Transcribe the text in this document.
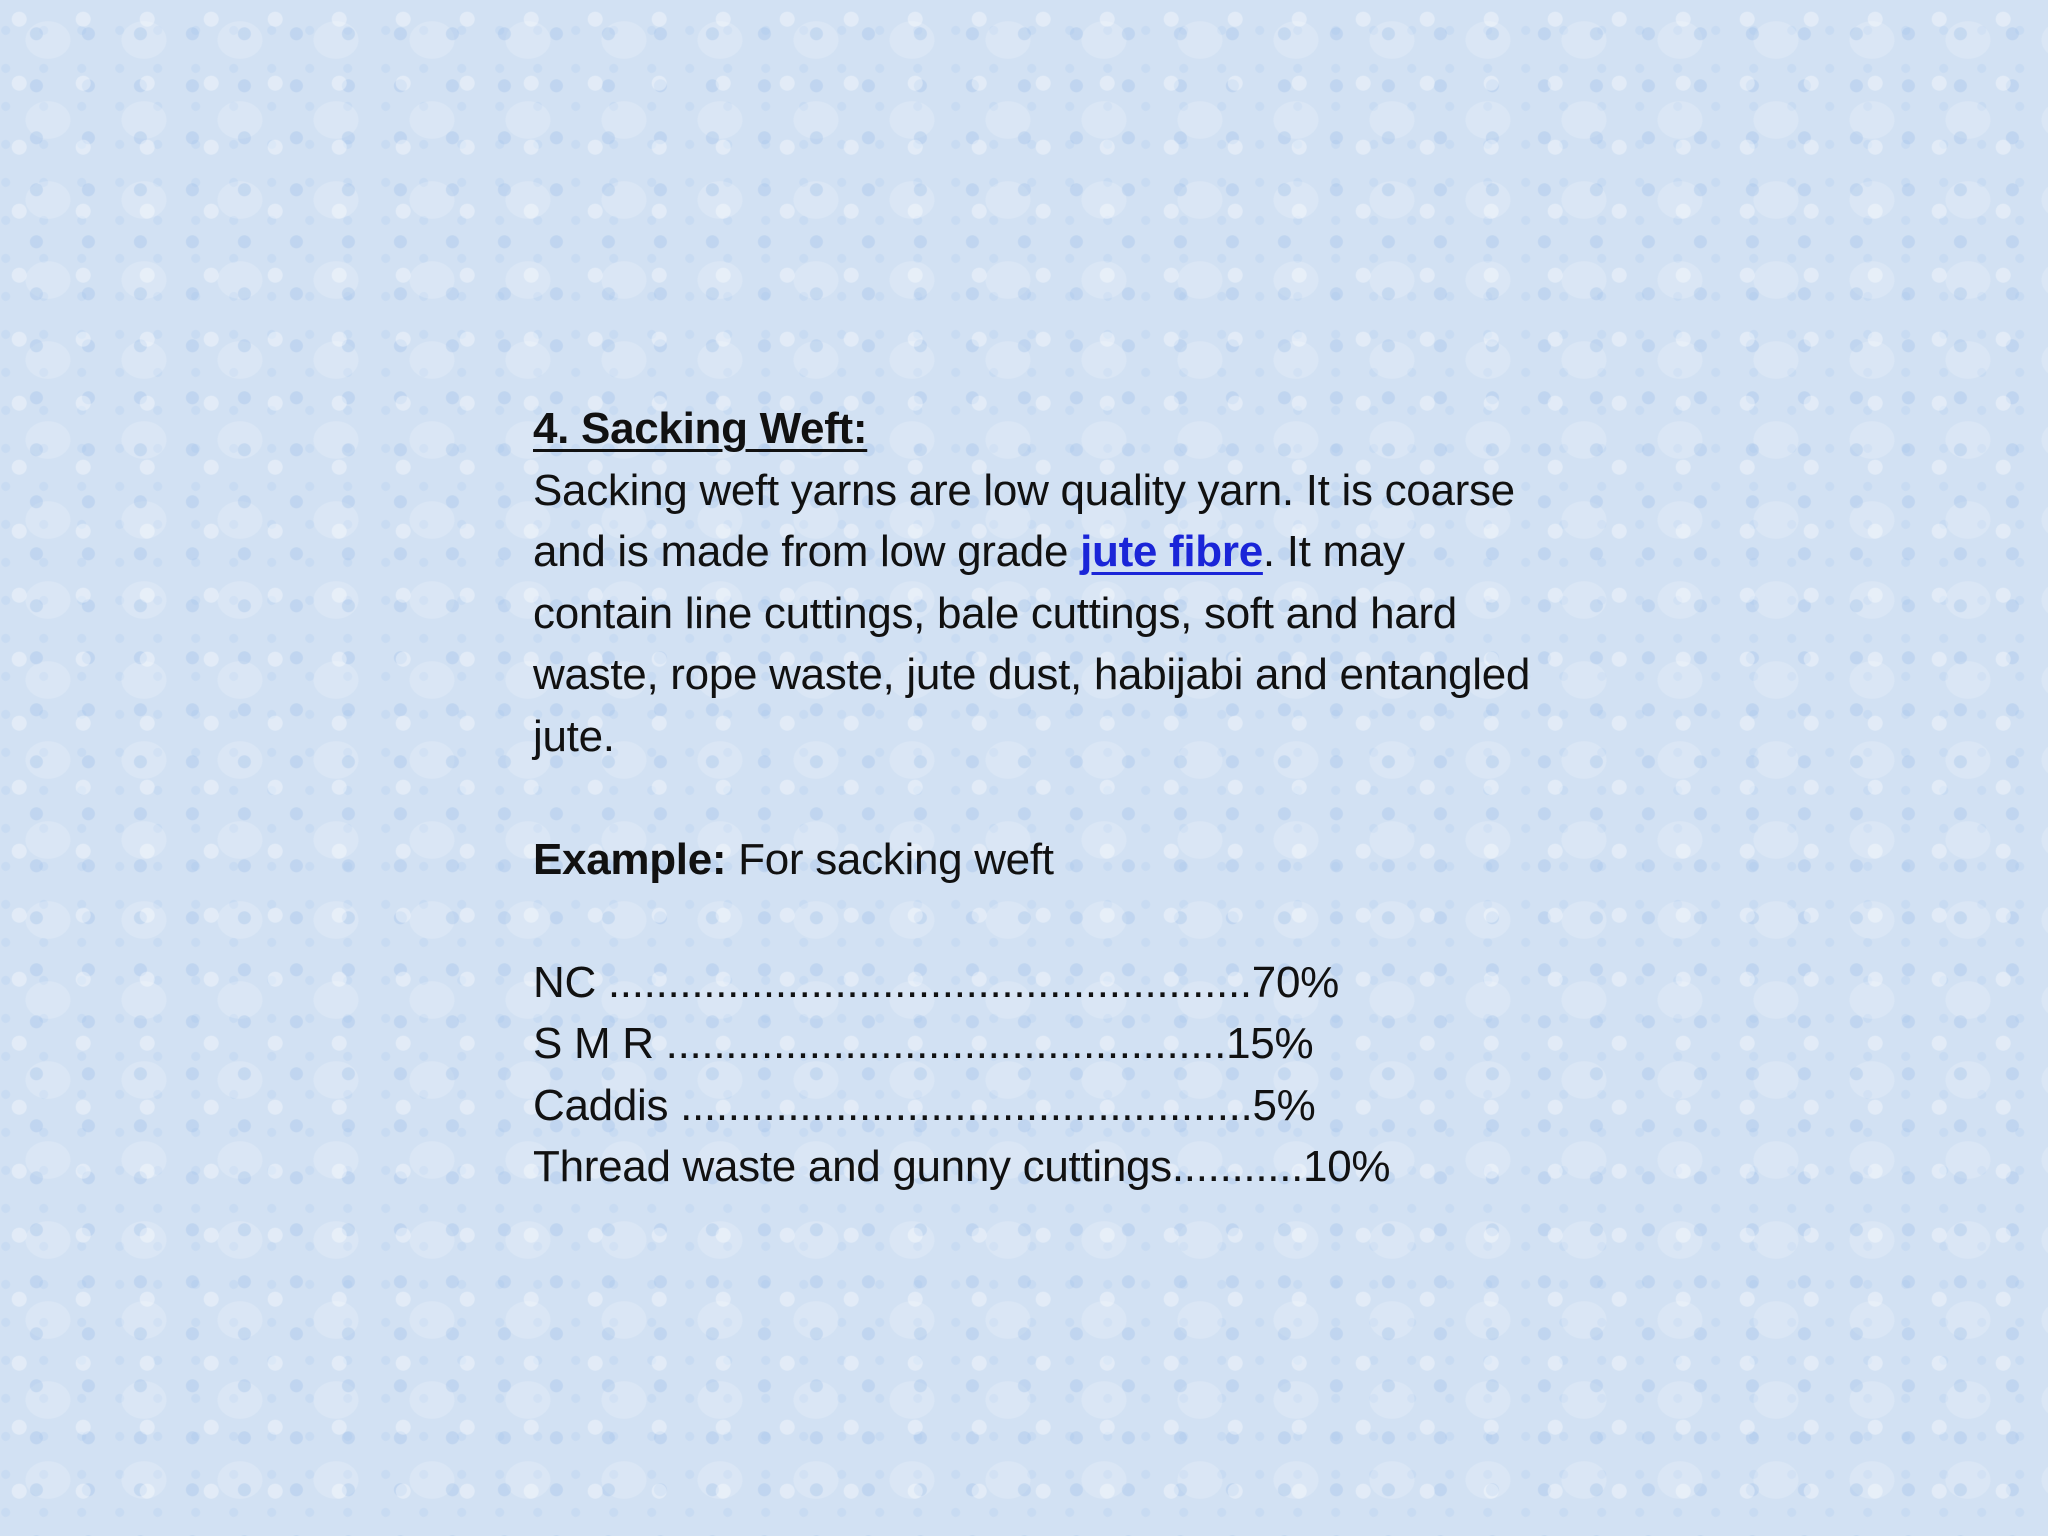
4. Sacking Weft:
Sacking weft yarns are low quality yarn. It is coarse and is made from low grade jute fibre. It may contain line cuttings, bale cuttings, soft and hard waste, rope waste, jute dust, habijabi and entangled jute.
Example: For sacking weft
NC ......................................................70%
S M R ...............................................15%
Caddis ................................................5%
Thread waste and gunny cuttings...........10%
